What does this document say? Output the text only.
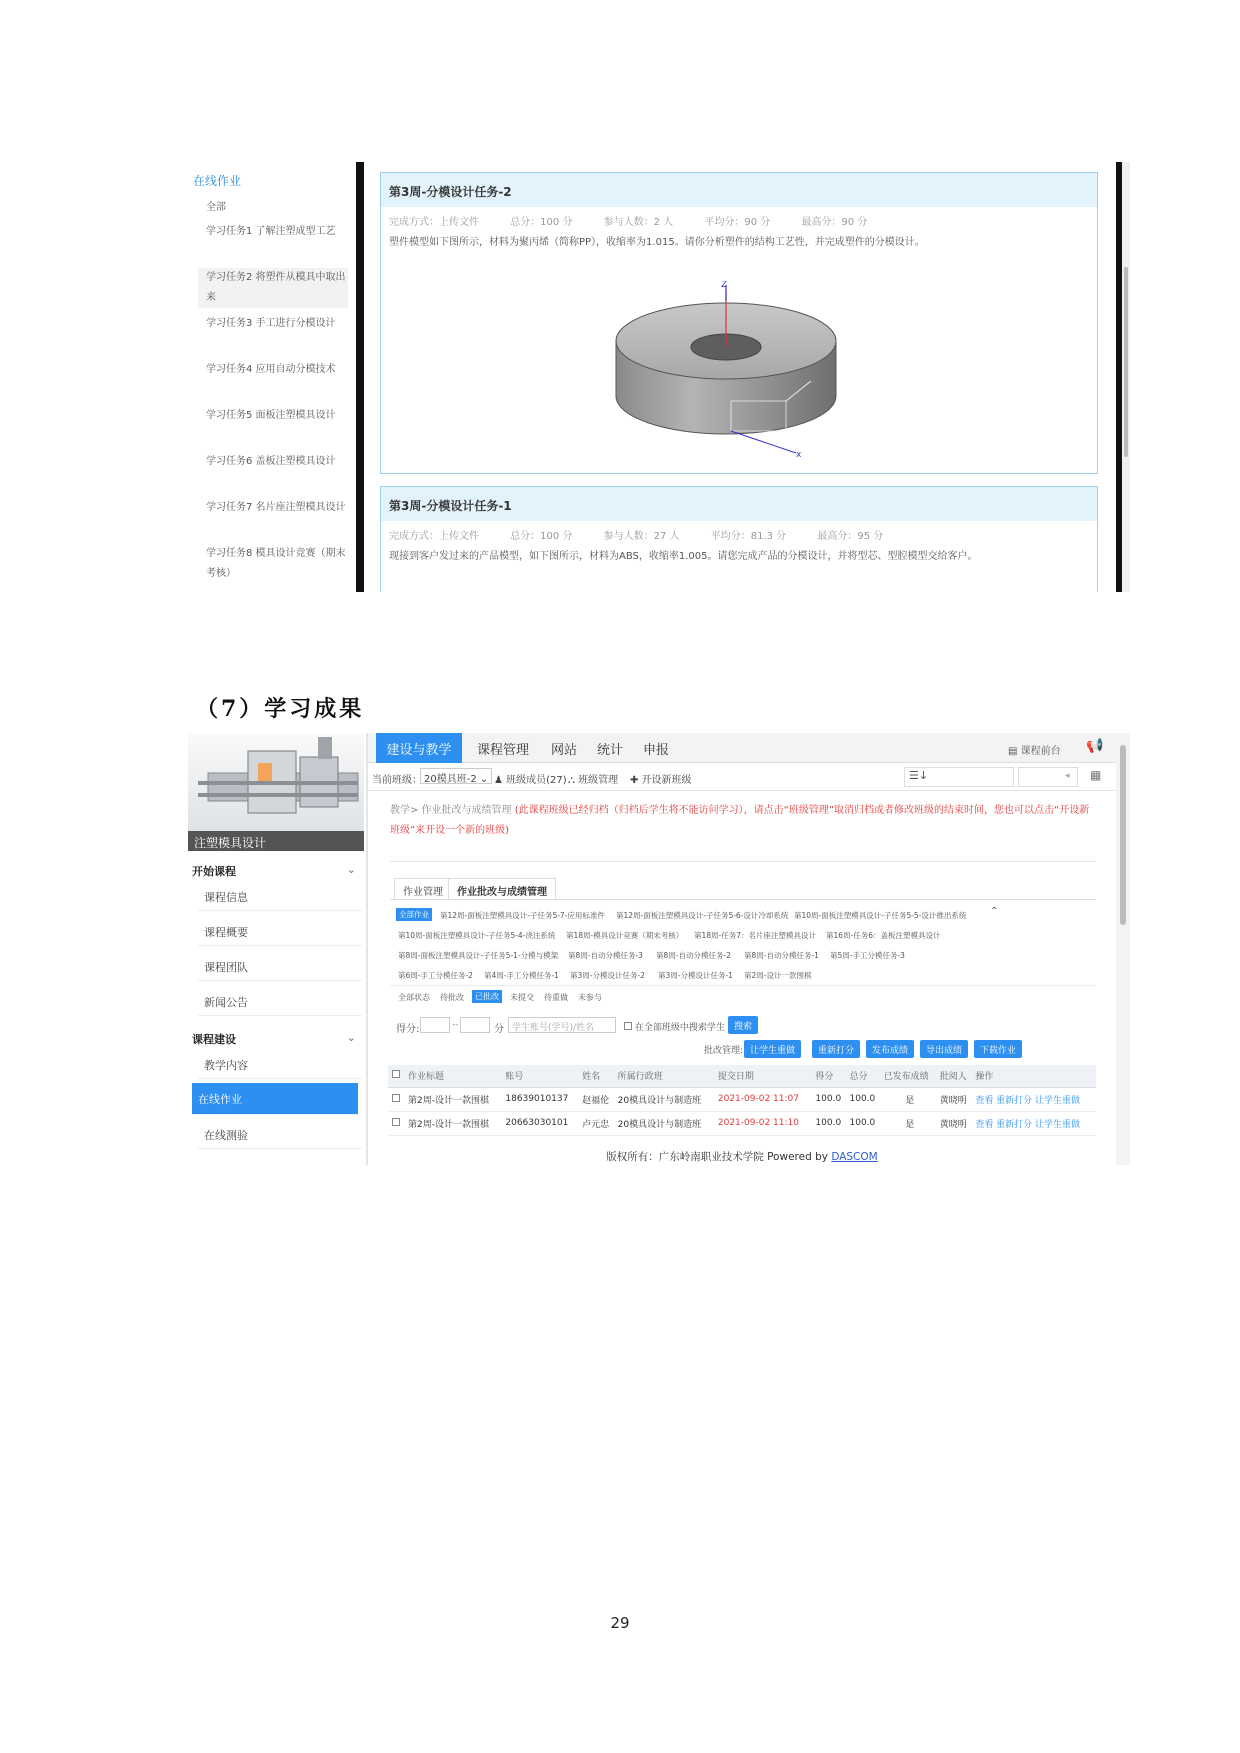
在线作业
全部
学习任务1 了解注塑成型工艺
学习任务2 将塑件从模具中取出来
学习任务3 手工进行分模设计
学习任务4 应用自动分模技术
学习任务5 面板注塑模具设计
学习任务6 盖板注塑模具设计
学习任务7 名片座注塑模具设计
学习任务8 模具设计竞赛（期末考核）
第3周-分模设计任务-2
完成方式：上传文件	总分：100 分	参与人数：2 人	平均分：90 分	最高分：90 分
塑件模型如下图所示，材料为聚丙烯（简称PP），收缩率为1.015。请你分析塑件的结构工艺性，并完成塑件的分模设计。
Z
x
第3周-分模设计任务-1
完成方式：上传文件	总分：100 分	参与人数：27 人	平均分：81.3 分	最高分：95 分
现接到客户发过来的产品模型，如下图所示，材料为ABS，收缩率1.005。请您完成产品的分模设计，并将型芯、型腔模型交给客户。
（7）学习成果
注塑模具设计
开始课程	⌄
课程信息
课程概要
课程团队
新闻公告
课程建设	⌄
教学内容
在线作业
在线测验
建设与教学	课程管理	网站	统计	申报	▤ 课程前台 📢
当前班级： 20模具班-2 ⌄ ♟ 班级成员(27) ⛬ 班级管理 ✚ 开设新班级	☰↓	◂	▦
教学> 作业批改与成绩管理 (此课程班级已经归档（归档后学生将不能访问学习），请点击“班级管理”取消归档或者修改班级的结束时间，您也可以点击“开设新班级”来开设一个新的班级)
作业管理	作业批改与成绩管理
全部作业	第12周-面板注塑模具设计-子任务5-7-应用标准件 第12周-面板注塑模具设计-子任务5-6-设计冷却系统 第10周-面板注塑模具设计-子任务5-5-设计推出系统 ⌃
第10周-面板注塑模具设计-子任务5-4-浇注系统 第18周-模具设计竞赛（期末考核） 第18周-任务7：名片座注塑模具设计 第16周-任务6：盖板注塑模具设计
第8周-面板注塑模具设计-子任务5-1-分模与模架 第8周-自动分模任务-3 第8周-自动分模任务-2 第8周-自动分模任务-1 第5周-手工分模任务-3
第6周-手工分模任务-2 第4周-手工分模任务-1 第3周-分模设计任务-2 第3周-分模设计任务-1 第2周-设计一款围棋
全部状态 待批改	已批改	未提交 待重做 未参与
得分:	--	分 学生账号(学号)/姓名	在全部班级中搜索学生	搜索
批改管理: 让学生重做	重新打分	发布成绩	导出成绩	下载作业
	作业标题	账号	姓名	所属行政班	提交日期	得分	总分	已发布成绩	批阅人	操作
	第2周-设计一款围棋	18639010137	赵福伦	20模具设计与制造班	2021-09-02 11:07	100.0	100.0	是	黄晓明	查看 重新打分 让学生重做
	第2周-设计一款围棋	20663030101	卢元忠	20模具设计与制造班	2021-09-02 11:10	100.0	100.0	是	黄晓明	查看 重新打分 让学生重做
版权所有：广东岭南职业技术学院 Powered by DASCOM
29
